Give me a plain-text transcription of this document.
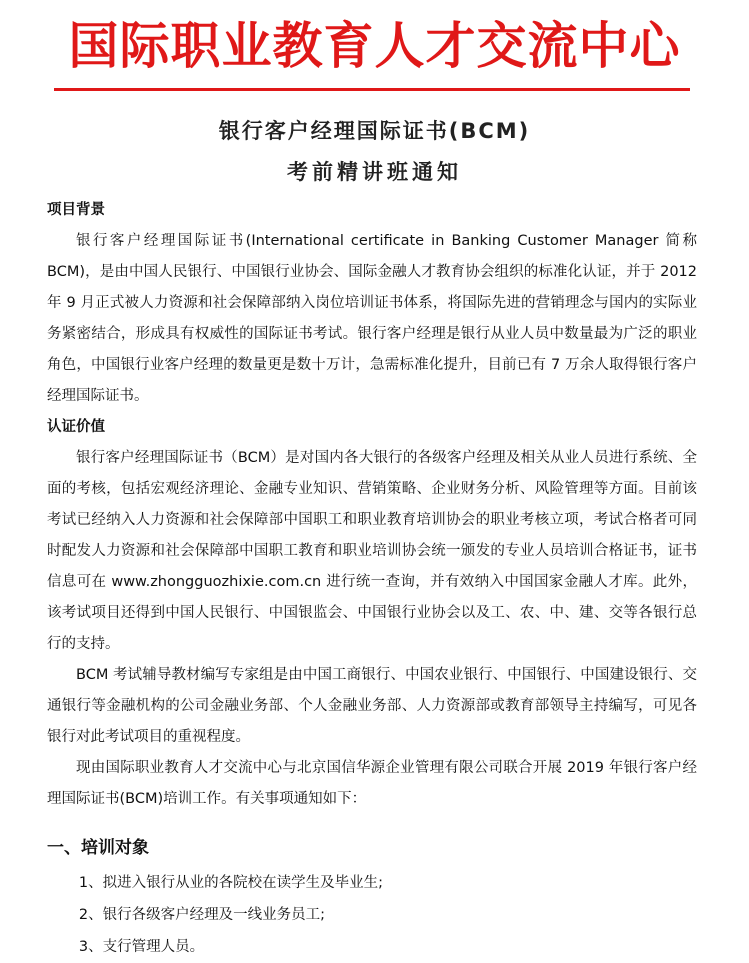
国际职业教育人才交流中心
银行客户经理国际证书(BCM)
考前精讲班通知

项目背景

银行客户经理国际证书(International certificate in Banking Customer Manager 简称 BCM)，是由中国人民银行、中国银行业协会、国际金融人才教育协会组织的标准化认证，并于 2012 年 9 月正式被人力资源和社会保障部纳入岗位培训证书体系，将国际先进的营销理念与国内的实际业务紧密结合，形成具有权威性的国际证书考试。银行客户经理是银行从业人员中数量最为广泛的职业角色，中国银行业客户经理的数量更是数十万计，急需标准化提升，目前已有 7 万余人取得银行客户经理国际证书。

认证价值

银行客户经理国际证书（BCM）是对国内各大银行的各级客户经理及相关从业人员进行系统、全面的考核，包括宏观经济理论、金融专业知识、营销策略、企业财务分析、风险管理等方面。目前该考试已经纳入人力资源和社会保障部中国职工和职业教育培训协会的职业考核立项，考试合格者可同时配发人力资源和社会保障部中国职工教育和职业培训协会统一颁发的专业人员培训合格证书，证书信息可在 www.zhongguozhixie.com.cn 进行统一查询，并有效纳入中国国家金融人才库。此外，该考试项目还得到中国人民银行、中国银监会、中国银行业协会以及工、农、中、建、交等各银行总行的支持。

BCM 考试辅导教材编写专家组是由中国工商银行、中国农业银行、中国银行、中国建设银行、交通银行等金融机构的公司金融业务部、个人金融业务部、人力资源部或教育部领导主持编写，可见各银行对此考试项目的重视程度。

现由国际职业教育人才交流中心与北京国信华源企业管理有限公司联合开展 2019 年银行客户经理国际证书(BCM)培训工作。有关事项通知如下：

一、培训对象

1、拟进入银行从业的各院校在读学生及毕业生;

2、银行各级客户经理及一线业务员工;

3、支行管理人员。
